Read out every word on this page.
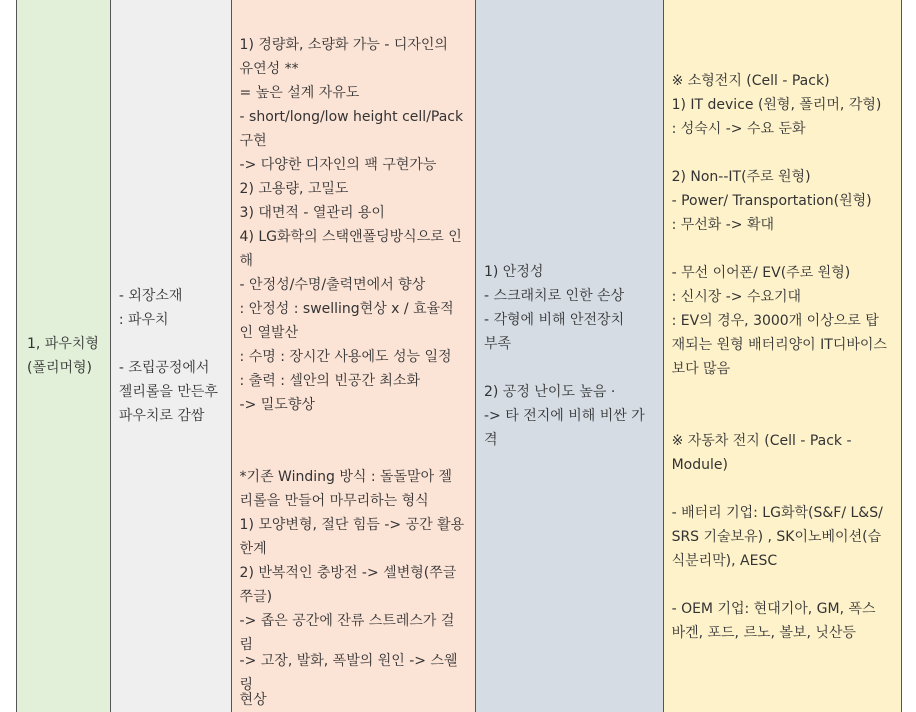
1, 파우치형
(폴리머형)
- 외장소재
: 파우치
- 조립공정에서
젤리롤을 만든후
파우치로 감쌈
1) 경량화, 소량화 가능 - 디자인의
유연성 **
= 높은 설계 자유도
- short/long/low height cell/Pack
구현
-> 다양한 디자인의 팩 구현가능
2) 고용량, 고밀도
3) 대면적 - 열관리 용이
4) LG화학의 스택앤폴딩방식으로 인
해
- 안정성/수명/출력면에서 향상
: 안정성 : swelling현상 x / 효율적
인 열발산
: 수명 : 장시간 사용에도 성능 일정
: 출력 : 셀안의 빈공간 최소화
-> 밀도향상
*기존 Winding 방식 : 돌돌말아 젤
리롤을 만들어 마무리하는 형식
1) 모양변형, 절단 힘듬 -> 공간 활용
한계
2) 반복적인 충방전 -> 셀변형(쭈글
쭈글)
-> 좁은 공간에 잔류 스트레스가 걸림
-> 고장, 발화, 폭발의 원인 -> 스웰링
현상
1) 안정성
- 스크래치로 인한 손상
- 각형에 비해 안전장치
부족
2) 공정 난이도 높음 ·
-> 타 전지에 비해 비싼 가
격
※ 소형전지 (Cell - Pack)
1) IT device (원형, 폴리머, 각형)
: 성숙시 -> 수요 둔화
2) Non--IT(주로 원형)
- Power/ Transportation(원형)
: 무선화 -> 확대
- 무선 이어폰/ EV(주로 원형)
: 신시장 -> 수요기대
: EV의 경우, 3000개 이상으로 탑
재되는 원형 배터리양이 IT디바이스
보다 많음
※ 자동차 전지 (Cell - Pack -
Module)
- 배터리 기업: LG화학(S&F/ L&S/
SRS 기술보유) , SK이노베이션(습
식분리막), AESC
- OEM 기업: 현대기아, GM, 폭스
바겐, 포드, 르노, 볼보, 닛산등
